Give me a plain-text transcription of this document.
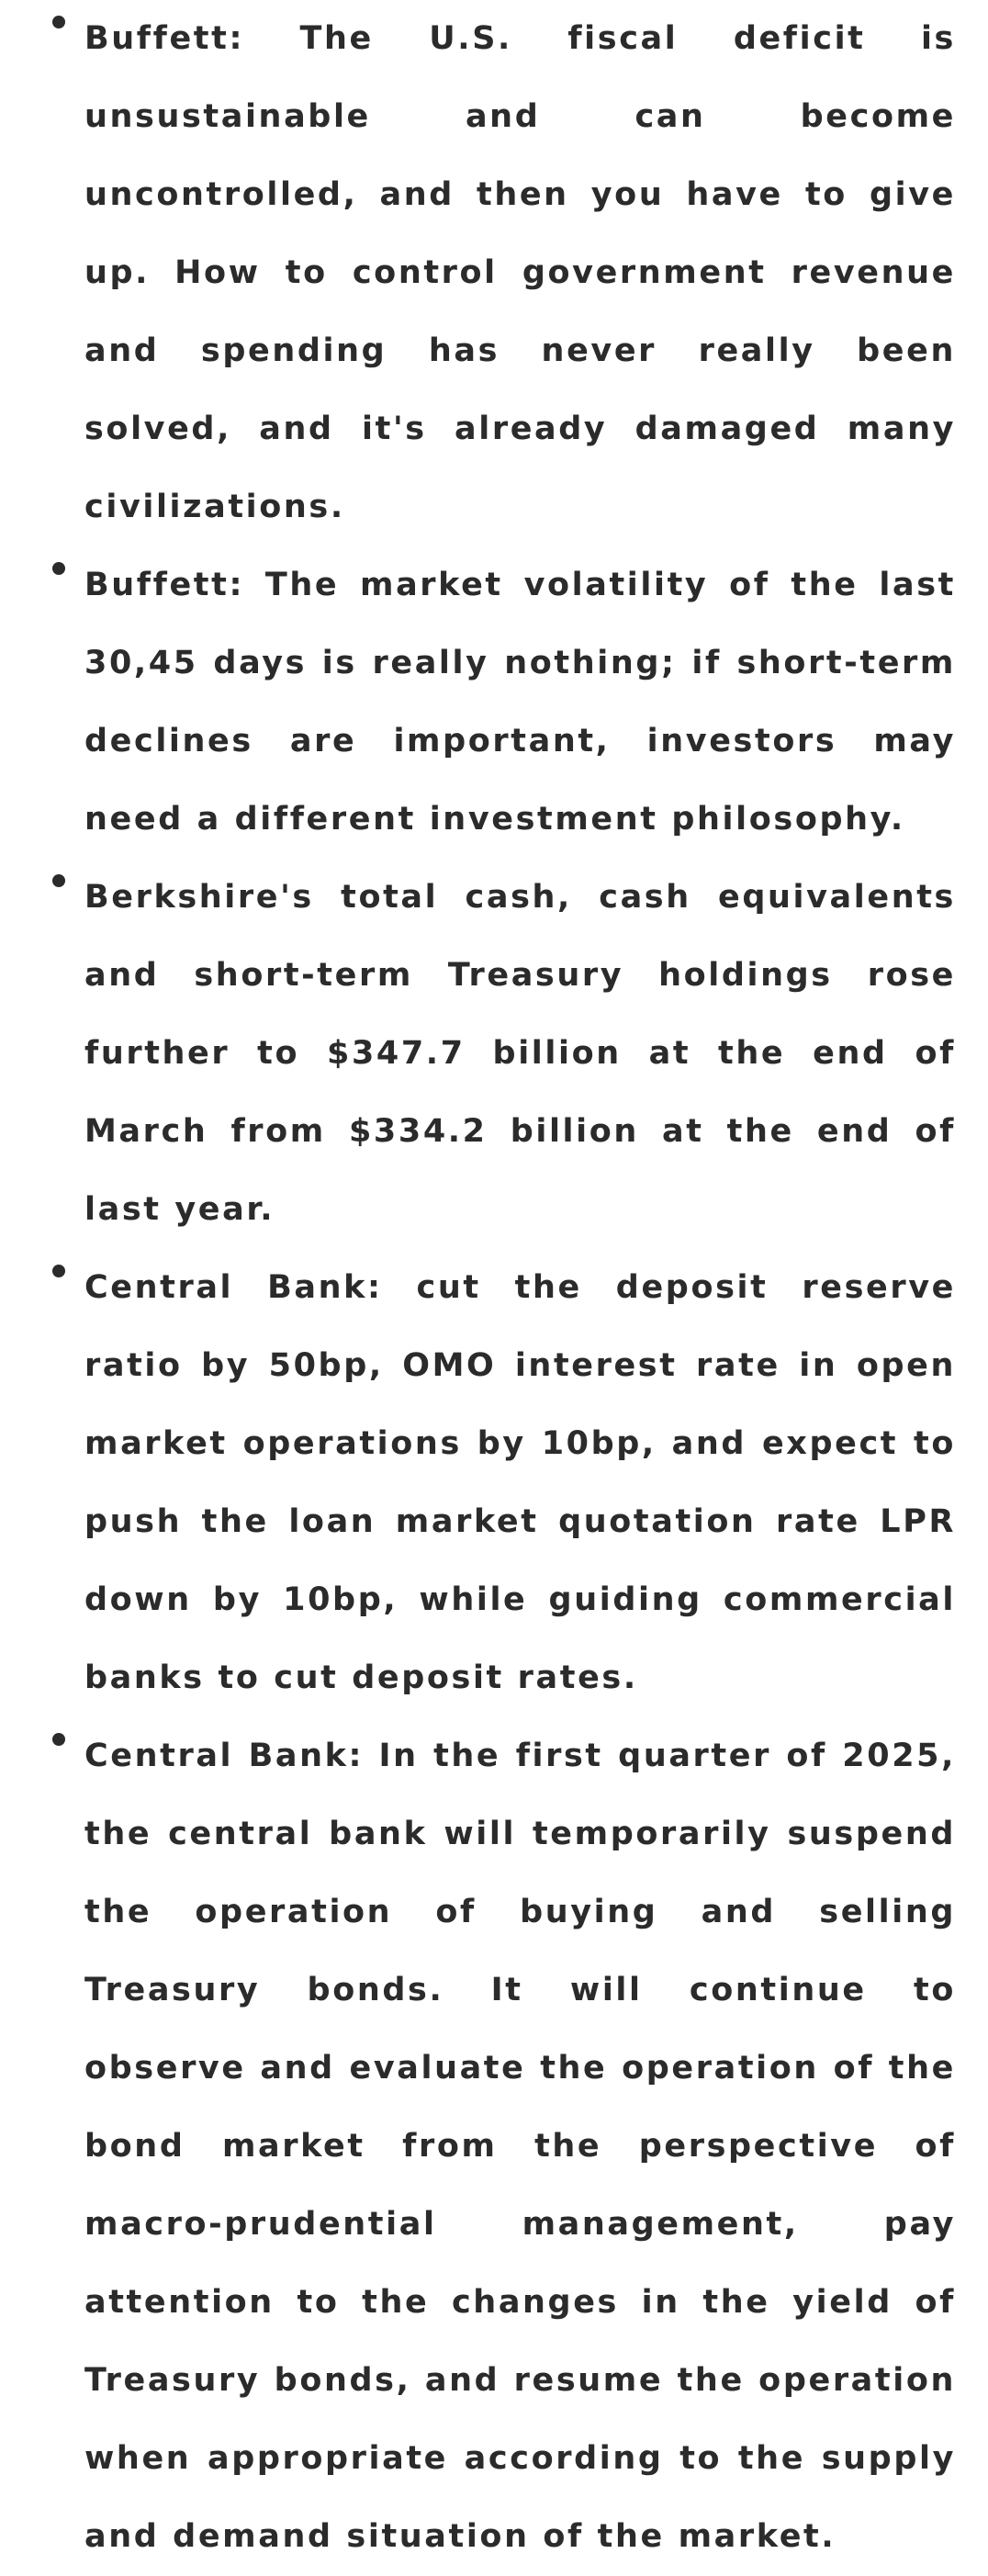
Buffett: The U.S. fiscal deficit is unsustainable and can become uncontrolled, and then you have to give up. How to control government revenue and spending has never really been solved, and it's already damaged many civilizations.

Buffett: The market volatility of the last 30,45 days is really nothing; if short-term declines are important, investors may need a different investment philosophy.

Berkshire's total cash, cash equivalents and short-term Treasury holdings rose further to $347.7 billion at the end of March from $334.2 billion at the end of last year.

Central Bank: cut the deposit reserve ratio by 50bp, OMO interest rate in open market operations by 10bp, and expect to push the loan market quotation rate LPR down by 10bp, while guiding commercial banks to cut deposit rates.

Central Bank: In the first quarter of 2025, the central bank will temporarily suspend the operation of buying and selling Treasury bonds. It will continue to observe and evaluate the operation of the bond market from the perspective of macro-prudential management, pay attention to the changes in the yield of Treasury bonds, and resume the operation when appropriate according to the supply and demand situation of the market.
